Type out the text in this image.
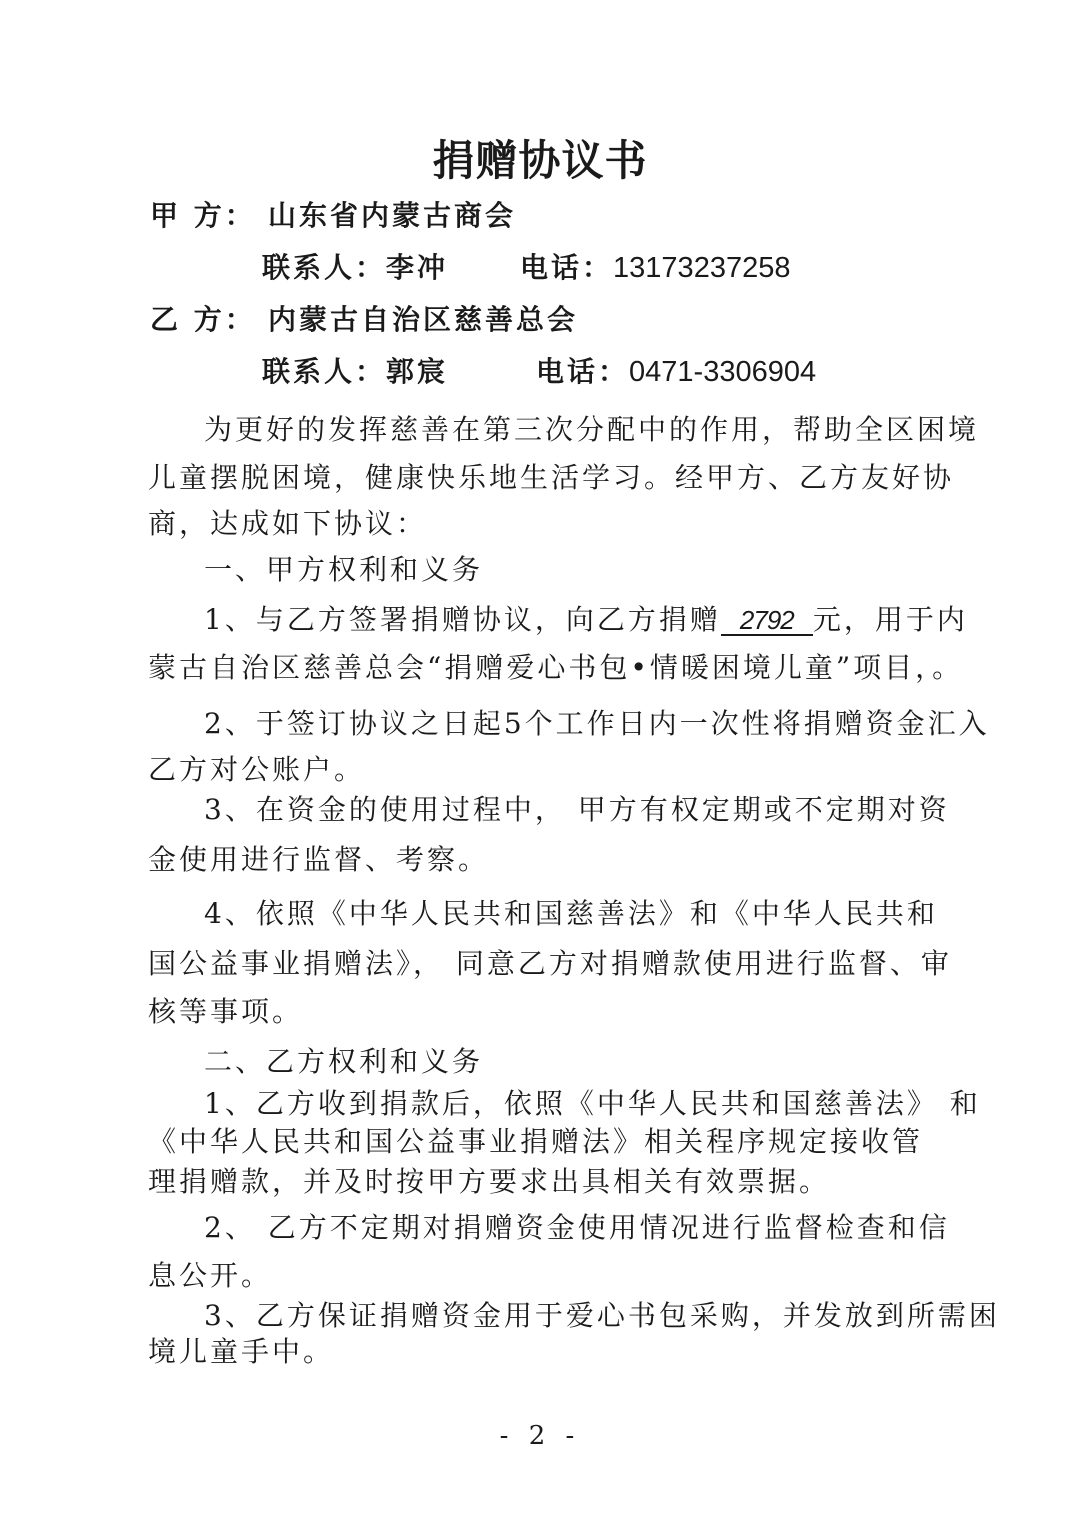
捐赠协议书
甲 方： 山东省内蒙古商会
联系人：李冲	电话：13173237258
乙 方： 内蒙古自治区慈善总会
联系人：郭宸	电话：0471-3306904
为更好的发挥慈善在第三次分配中的作用，帮助全区困境
儿童摆脱困境，健康快乐地生活学习。经甲方、乙方友好协
商，达成如下协议：
一、甲方权利和义务
1、与乙方签署捐赠协议，向乙方捐赠 2792 元，用于内
蒙古自治区慈善总会“捐赠爱心书包•情暖困境儿童”项目，。
2、于签订协议之日起5个工作日内一次性将捐赠资金汇入
乙方对公账户。
3、在资金的使用过程中， 甲方有权定期或不定期对资
金使用进行监督、考察。
4、依照《中华人民共和国慈善法》和《中华人民共和
国公益事业捐赠法》， 同意乙方对捐赠款使用进行监督、审
核等事项。
二、乙方权利和义务
1、乙方收到捐款后，依照《中华人民共和国慈善法》 和
《中华人民共和国公益事业捐赠法》相关程序规定接收管
理捐赠款，并及时按甲方要求出具相关有效票据。
2、 乙方不定期对捐赠资金使用情况进行监督检查和信
息公开。
3、乙方保证捐赠资金用于爱心书包采购，并发放到所需困
境儿童手中。
- 2 -
